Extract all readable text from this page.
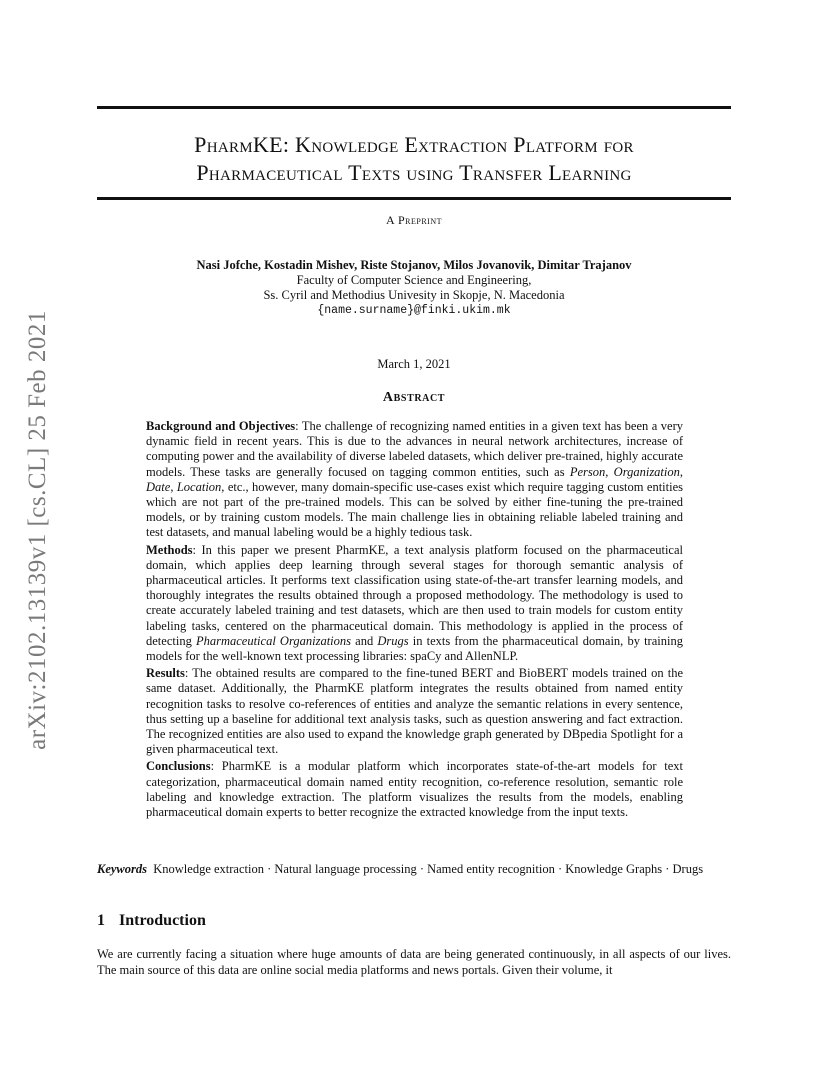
PharmKE: Knowledge Extraction Platform for
Pharmaceutical Texts using Transfer Learning
A Preprint
Nasi Jofche, Kostadin Mishev, Riste Stojanov, Milos Jovanovik, Dimitar Trajanov
Faculty of Computer Science and Engineering,
Ss. Cyril and Methodius Univesity in Skopje, N. Macedonia
{name.surname}@finki.ukim.mk
March 1, 2021
Abstract

Background and Objectives: The challenge of recognizing named entities in a given text has been a very dynamic field in recent years. This is due to the advances in neural network architectures, increase of computing power and the availability of diverse labeled datasets, which deliver pre-trained, highly accurate models. These tasks are generally focused on tagging common entities, such as Person, Organization, Date, Location, etc., however, many domain-specific use-cases exist which require tagging custom entities which are not part of the pre-trained models. This can be solved by either fine-tuning the pre-trained models, or by training custom models. The main challenge lies in obtaining reliable labeled training and test datasets, and manual labeling would be a highly tedious task.

Methods: In this paper we present PharmKE, a text analysis platform focused on the pharmaceutical domain, which applies deep learning through several stages for thorough semantic analysis of pharmaceutical articles. It performs text classification using state-of-the-art transfer learning models, and thoroughly integrates the results obtained through a proposed methodology. The methodology is used to create accurately labeled training and test datasets, which are then used to train models for custom entity labeling tasks, centered on the pharmaceutical domain. This methodology is applied in the process of detecting Pharmaceutical Organizations and Drugs in texts from the pharmaceutical domain, by training models for the well-known text processing libraries: spaCy and AllenNLP.

Results: The obtained results are compared to the fine-tuned BERT and BioBERT models trained on the same dataset. Additionally, the PharmKE platform integrates the results obtained from named entity recognition tasks to resolve co-references of entities and analyze the semantic relations in every sentence, thus setting up a baseline for additional text analysis tasks, such as question answering and fact extraction. The recognized entities are also used to expand the knowledge graph generated by DBpedia Spotlight for a given pharmaceutical text.

Conclusions: PharmKE is a modular platform which incorporates state-of-the-art models for text categorization, pharmaceutical domain named entity recognition, co-reference resolution, semantic role labeling and knowledge extraction. The platform visualizes the results from the models, enabling pharmaceutical domain experts to better recognize the extracted knowledge from the input texts.

Keywords Knowledge extraction · Natural language processing · Named entity recognition · Knowledge Graphs · Drugs
1 Introduction
We are currently facing a situation where huge amounts of data are being generated continuously, in all aspects of our lives. The main source of this data are online social media platforms and news portals. Given their volume, it
arXiv:2102.13139v1 [cs.CL] 25 Feb 2021
